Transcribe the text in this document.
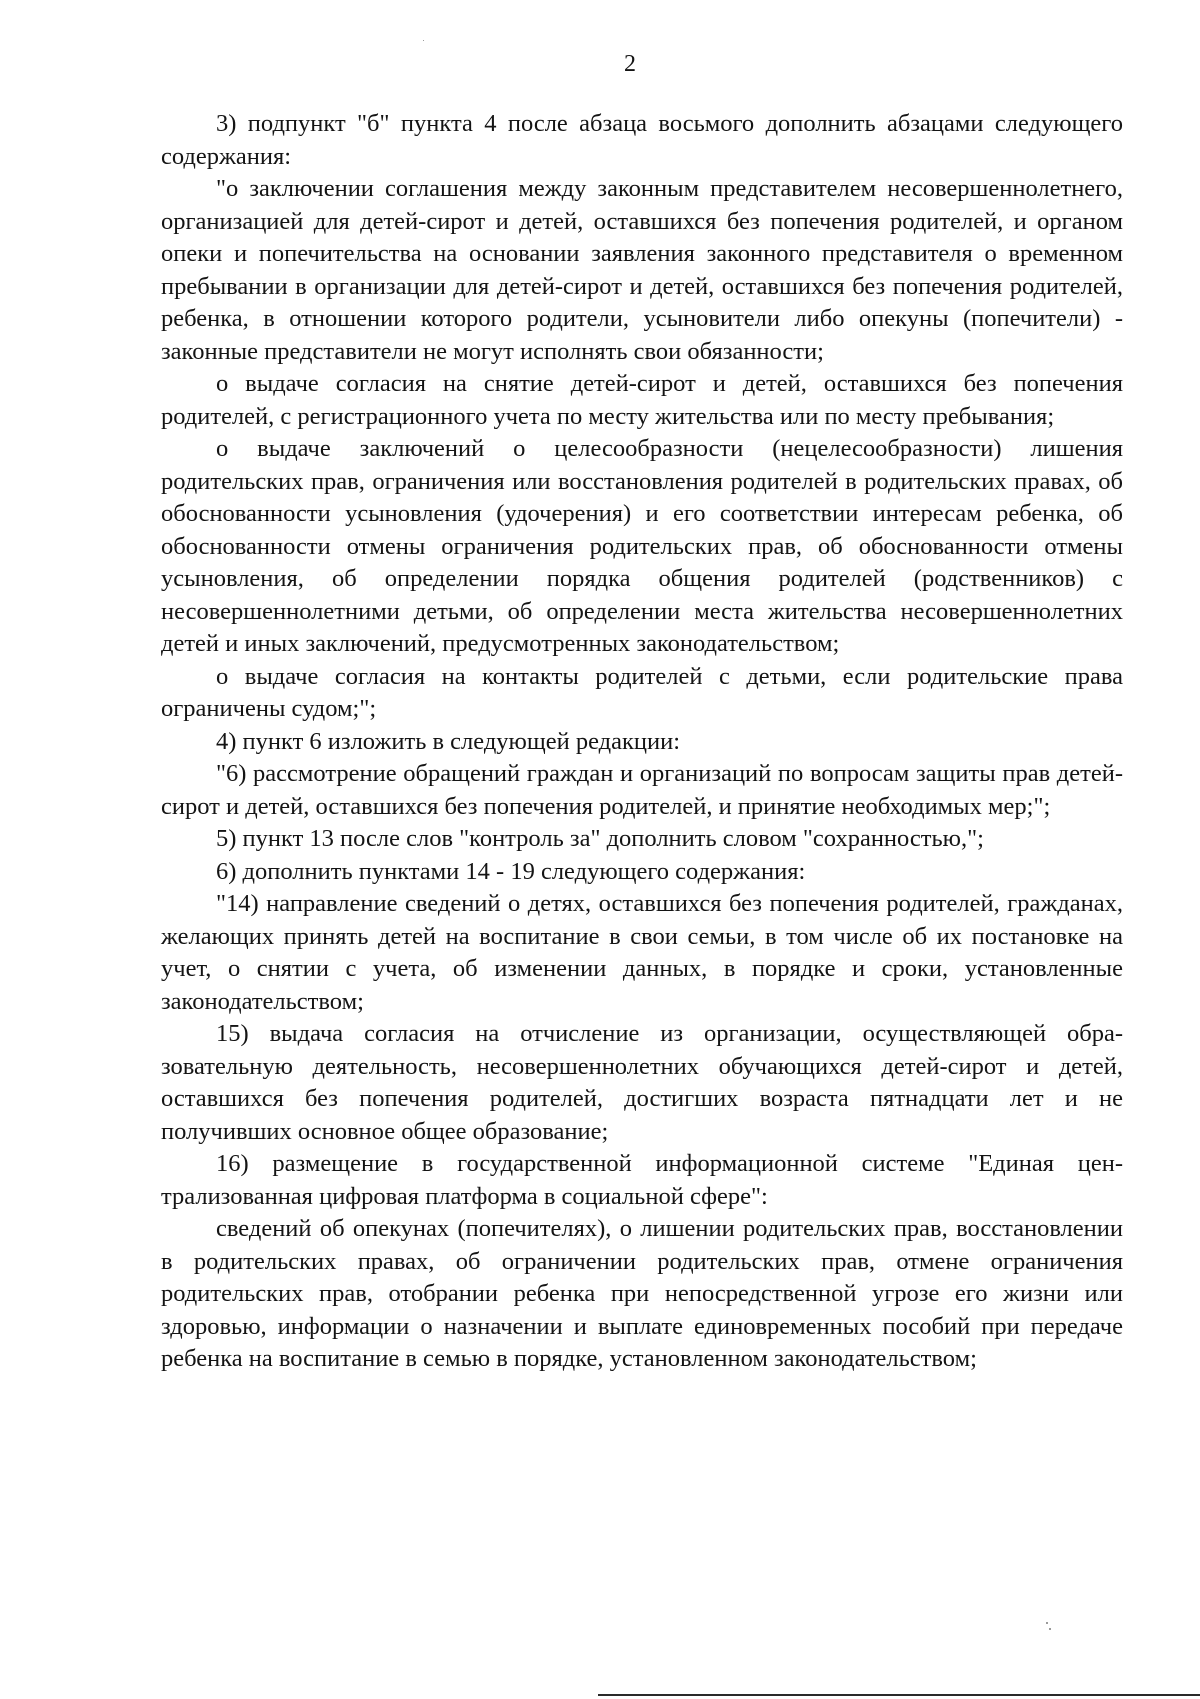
2

3) подпункт "б" пункта 4 после абзаца восьмого дополнить абзацами следующего содержания:

"о заключении соглашения между законным представителем несовершеннолетнего, организацией для детей-сирот и детей, оставшихся без попечения родителей, и органом опеки и попечительства на основании заявления законного представителя о временном пребывании в организации для детей-сирот и детей, оставшихся без попечения родителей, ребенка, в отношении которого родители, усыновители либо опекуны (попечители) - законные представители не могут исполнять свои обязанности;

о выдаче согласия на снятие детей-сирот и детей, оставшихся без попечения родителей, с регистрационного учета по месту жительства или по месту пребывания;

о выдаче заключений о целесообразности (нецелесообразности) лишения родительских прав, ограничения или восстановления родителей в родительских правах, об обоснованности усыновления (удочерения) и его соответствии интересам ребенка, об обоснованности отмены ограничения родительских прав, об обоснованности отмены усыновления, об определении порядка общения родителей (родственников) с несовершеннолетними детьми, об определении места жительства несовершеннолетних детей и иных заключений, предусмотренных законодательством;

о выдаче согласия на контакты родителей с детьми, если родительские права ограничены судом;";

4) пункт 6 изложить в следующей редакции:

"6) рассмотрение обращений граждан и организаций по вопросам защиты прав детей-сирот и детей, оставшихся без попечения родителей, и принятие необходимых мер;";

5) пункт 13 после слов "контроль за" дополнить словом "сохранностью,";

6) дополнить пунктами 14 - 19 следующего содержания:

"14) направление сведений о детях, оставшихся без попечения родителей, гражданах, желающих принять детей на воспитание в свои семьи, в том числе об их постановке на учет, о снятии с учета, об изменении данных, в порядке и сроки, установленные законодательством;

15) выдача согласия на отчисление из организации, осуществляющей образовательную деятельность, несовершеннолетних обучающихся детей-сирот и детей, оставшихся без попечения родителей, достигших возраста пятнадцати лет и не получивших основное общее образование;

16) размещение в государственной информационной системе "Единая централизованная цифровая платформа в социальной сфере":

сведений об опекунах (попечителях), о лишении родительских прав, восстановлении в родительских правах, об ограничении родительских прав, отмене ограничения родительских прав, отобрании ребенка при непосредственной угрозе его жизни или здоровью, информации о назначении и выплате единовременных пособий при передаче ребенка на воспитание в семью в порядке, установленном законодательством;
